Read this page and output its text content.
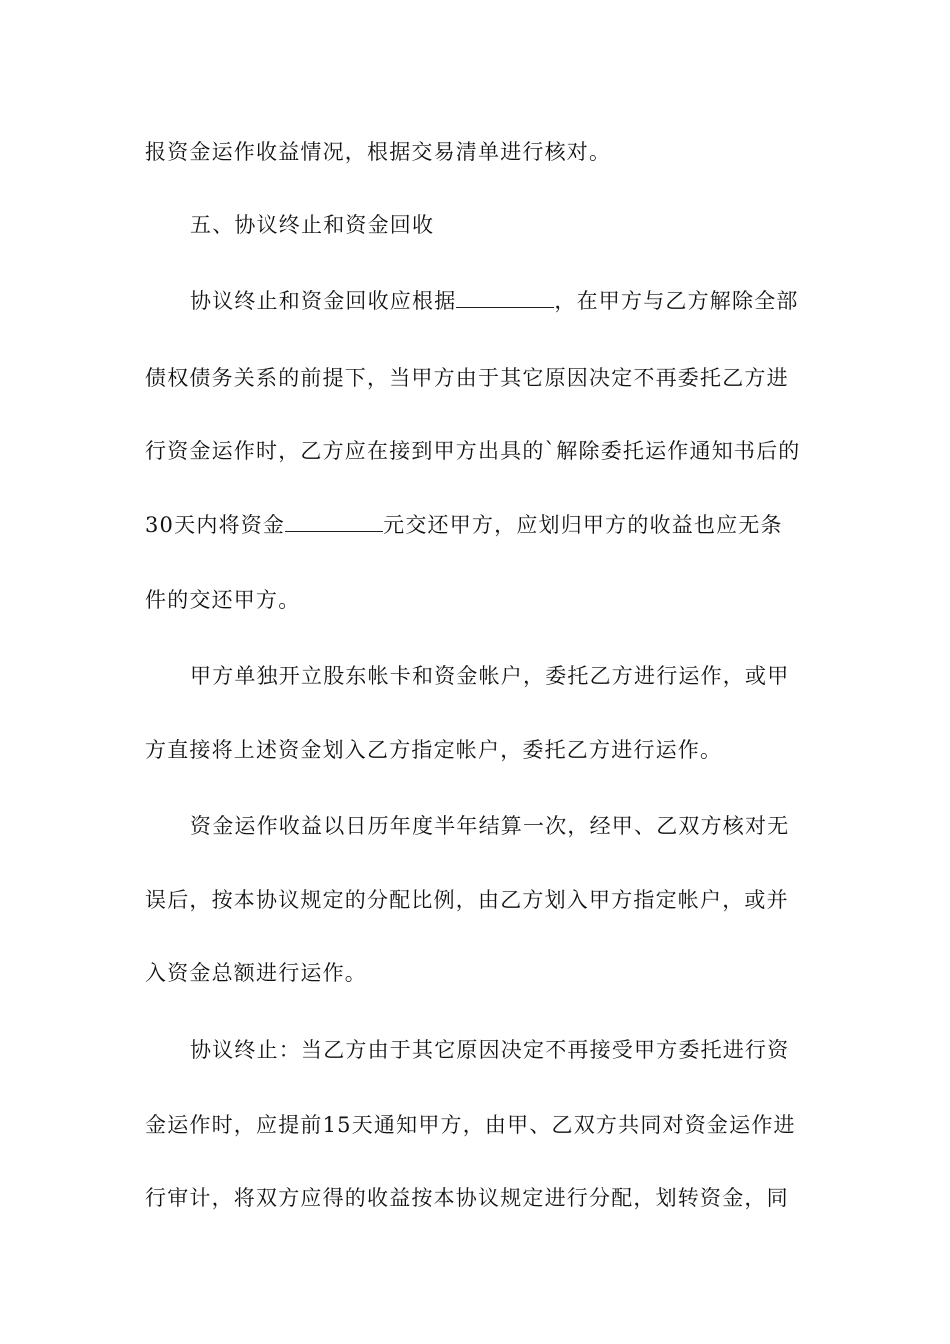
报资金运作收益情况，根据交易清单进行核对。
五、协议终止和资金回收
协议终止和资金回收应根据	，在甲方与乙方解除全部
债权债务关系的前提下，当甲方由于其它原因决定不再委托乙方进
行资金运作时，乙方应在接到甲方出具的`解除委托运作通知书后的
30天内将资金	元交还甲方，应划归甲方的收益也应无条
件的交还甲方。
甲方单独开立股东帐卡和资金帐户，委托乙方进行运作，或甲
方直接将上述资金划入乙方指定帐户，委托乙方进行运作。
资金运作收益以日历年度半年结算一次，经甲、乙双方核对无
误后，按本协议规定的分配比例，由乙方划入甲方指定帐户，或并
入资金总额进行运作。
协议终止：当乙方由于其它原因决定不再接受甲方委托进行资
金运作时，应提前15天通知甲方，由甲、乙双方共同对资金运作进
行审计，将双方应得的收益按本协议规定进行分配，划转资金，同
